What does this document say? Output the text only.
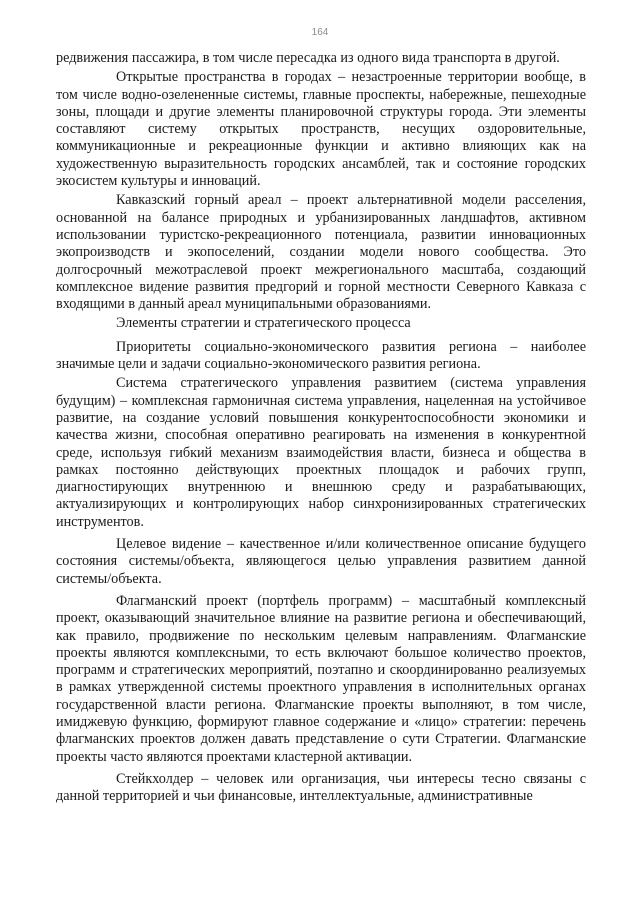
164

редвижения пассажира, в том числе пересадка из одного вида транспорта в другой.

Открытые пространства в городах – незастроенные территории вообще, в том числе водно-озелененные системы, главные проспекты, набережные, пешеходные зоны, площади и другие элементы планировочной структуры города. Эти элементы составляют систему открытых пространств, несущих оздоровительные, коммуникационные и рекреационные функции и активно влияющих как на художественную выразительность городских ансамблей, так и состояние городских экосистем культуры и инноваций.

Кавказский горный ареал – проект альтернативной модели расселения, основанной на балансе природных и урбанизированных ландшафтов, активном использовании туристско-рекреационного потенциала, развитии инновационных экопроизводств и экопоселений, создании модели нового сообщества. Это долгосрочный межотраслевой проект межрегионального масштаба, создающий комплексное видение развития предгорий и горной местности Северного Кавказа с входящими в данный ареал муниципальными образованиями.

Элементы стратегии и стратегического процесса

Приоритеты социально-экономического развития региона – наиболее значимые цели и задачи социально-экономического развития региона.

Система стратегического управления развитием (система управления будущим) – комплексная гармоничная система управления, нацеленная на устойчивое развитие, на создание условий повышения конкурентоспособности экономики и качества жизни, способная оперативно реагировать на изменения в конкурентной среде, используя гибкий механизм взаимодействия власти, бизнеса и общества в рамках постоянно действующих проектных площадок и рабочих групп, диагностирующих внутреннюю и внешнюю среду и разрабатывающих, актуализирующих и контролирующих набор синхронизированных стратегических инструментов.

Целевое видение – качественное и/или количественное описание будущего состояния системы/объекта, являющегося целью управления развитием данной системы/объекта.

Флагманский проект (портфель программ) – масштабный комплексный проект, оказывающий значительное влияние на развитие региона и обеспечивающий, как правило, продвижение по нескольким целевым направлениям. Флагманские проекты являются комплексными, то есть включают большое количество проектов, программ и стратегических мероприятий, поэтапно и скоординированно реализуемых в рамках утвержденной системы проектного управления в исполнительных органах государственной власти региона. Флагманские проекты выполняют, в том числе, имиджевую функцию, формируют главное содержание и «лицо» стратегии: перечень флагманских проектов должен давать представление о сути Стратегии. Флагманские проекты часто являются проектами кластерной активации.

Стейкхолдер – человек или организация, чьи интересы тесно связаны с данной территорией и чьи финансовые, интеллектуальные, административные
